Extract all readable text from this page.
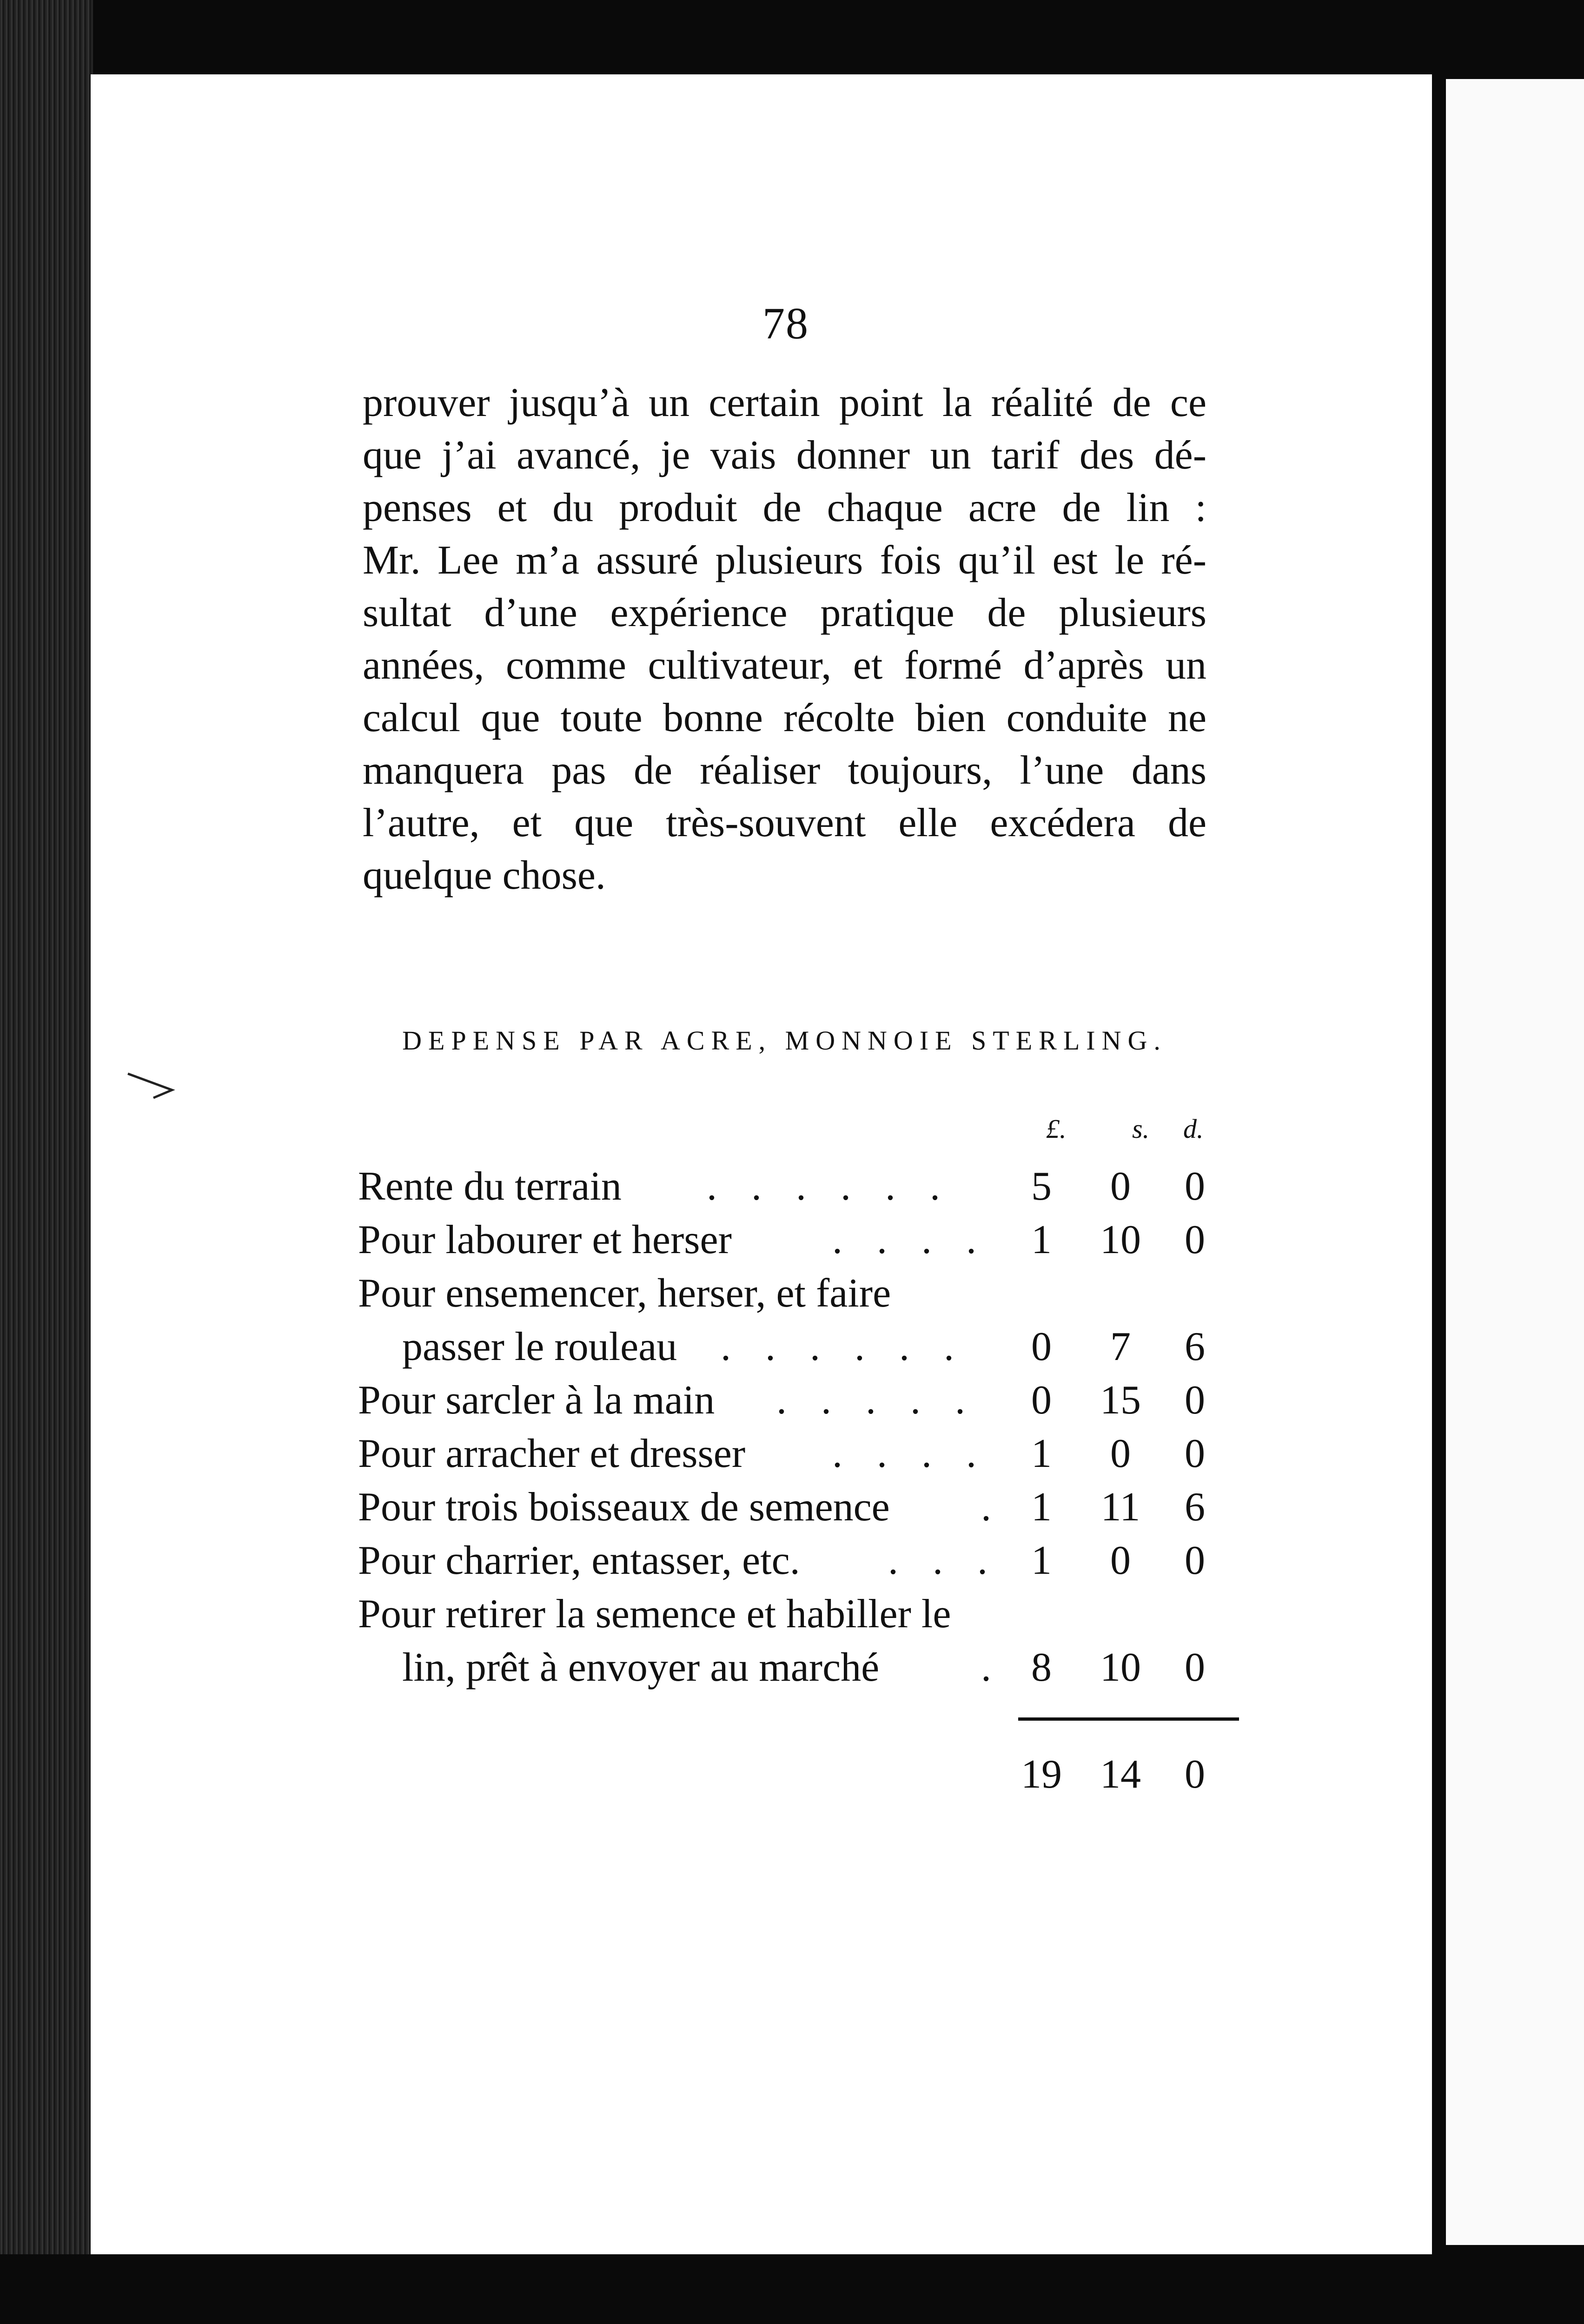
78
prouver jusqu’à un certain point la réalité de ce
que j’ai avancé, je vais donner un tarif des dé-
penses et du produit de chaque acre de lin :
Mr. Lee m’a assuré plusieurs fois qu’il est le ré-
sultat d’une expérience pratique de plusieurs
années, comme cultivateur, et formé d’après un
calcul que toute bonne récolte bien conduite ne
manquera pas de réaliser toujours, l’une dans
l’autre, et que très-souvent elle excédera de
quelque chose.
DEPENSE PAR ACRE, MONNOIE STERLING.
£. s. d.
Rente du terrain . . . . . .	5	0	0
Pour labourer et herser . . . .	1	10	0
Pour ensemencer, herser, et faire
passer le rouleau . . . . . .	0	7	6
Pour sarcler à la main . . . . .	0	15	0
Pour arracher et dresser . . . .	1	0	0
Pour trois boisseaux de semence . 1	11	6
Pour charrier, entasser, etc. . . . 1	0	0
Pour retirer la semence et habiller le
lin, prêt à envoyer au marché . 8	10	0
19 14	0
